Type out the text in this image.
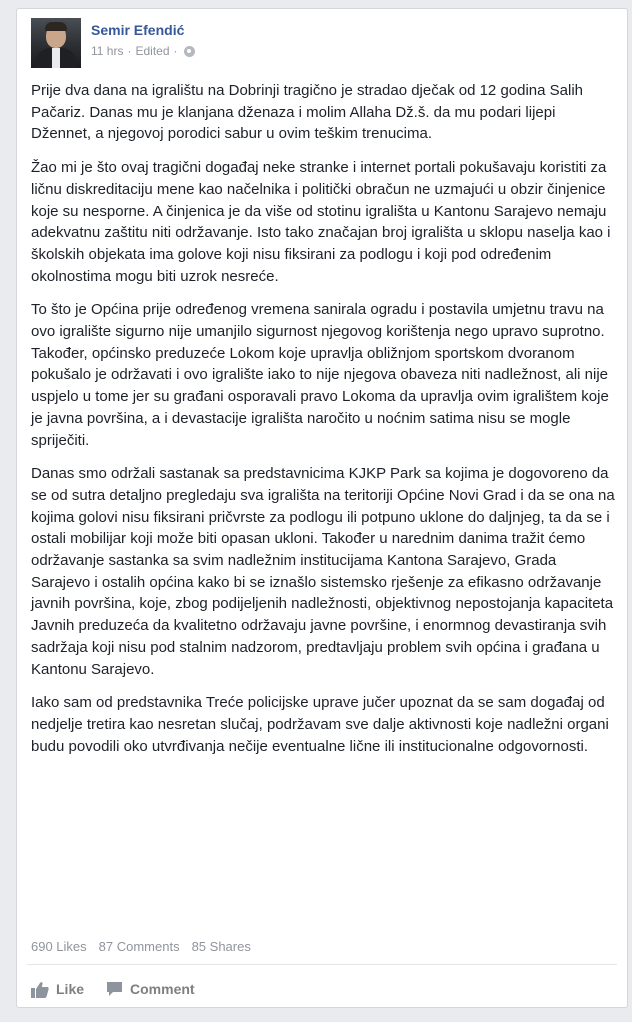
Semir Efendić
11 hrs · Edited ·

Prije dva dana na igralištu na Dobrinji tragično je stradao dječak od 12 godina Salih Pačariz. Danas mu je klanjana dženaza i molim Allaha Dž.š. da mu podari lijepi Džennet, a njegovoj porodici sabur u ovim teškim trenucima.

Žao mi je što ovaj tragični događaj neke stranke i internet portali pokušavaju koristiti za ličnu diskreditaciju mene kao načelnika i politički obračun ne uzmajući u obzir činjenice koje su nesporne. A činjenica je da više od stotinu igrališta u Kantonu Sarajevo nemaju adekvatnu zaštitu niti održavanje. Isto tako značajan broj igrališta u sklopu naselja kao i školskih objekata ima golove koji nisu fiksirani za podlogu i koji pod određenim okolnostima mogu biti uzrok nesreće.

To što je Općina prije određenog vremena sanirala ogradu i postavila umjetnu travu na ovo igralište sigurno nije umanjilo sigurnost njegovog korištenja nego upravo suprotno. Također, općinsko preduzeće Lokom koje upravlja obližnjom sportskom dvoranom pokušalo je održavati i ovo igralište iako to nije njegova obaveza niti nadležnost, ali nije uspjelo u tome jer su građani osporavali pravo Lokoma da upravlja ovim igralištem koje je javna površina, a i devastacije igrališta naročito u noćnim satima nisu se mogle spriječiti.

Danas smo održali sastanak sa predstavnicima KJKP Park sa kojima je dogovoreno da se od sutra detaljno pregledaju sva igrališta na teritoriji Općine Novi Grad i da se ona na kojima golovi nisu fiksirani pričvrste za podlogu ili potpuno uklone do daljnjeg, ta da se i ostali mobilijar koji može biti opasan ukloni. Također u narednim danima tražit ćemo održavanje sastanka sa svim nadležnim institucijama Kantona Sarajevo, Grada Sarajevo i ostalih općina kako bi se iznašlo sistemsko rješenje za efikasno održavanje javnih površina, koje, zbog podijeljenih nadležnosti, objektivnog nepostojanja kapaciteta Javnih preduzeća da kvalitetno održavaju javne površine, i enormnog devastiranja svih sadržaja koji nisu pod stalnim nadzorom, predtavljaju problem svih općina i građana u Kantonu Sarajevo.

Iako sam od predstavnika Treće policijske uprave jučer upoznat da se sam događaj od nedjelje tretira kao nesretan slučaj, podržavam sve dalje aktivnosti koje nadležni organi budu povodili oko utvrđivanja nečije eventualne lične ili institucionalne odgovornosti.

690 Likes 87 Comments 85 Shares
Like	Comment
